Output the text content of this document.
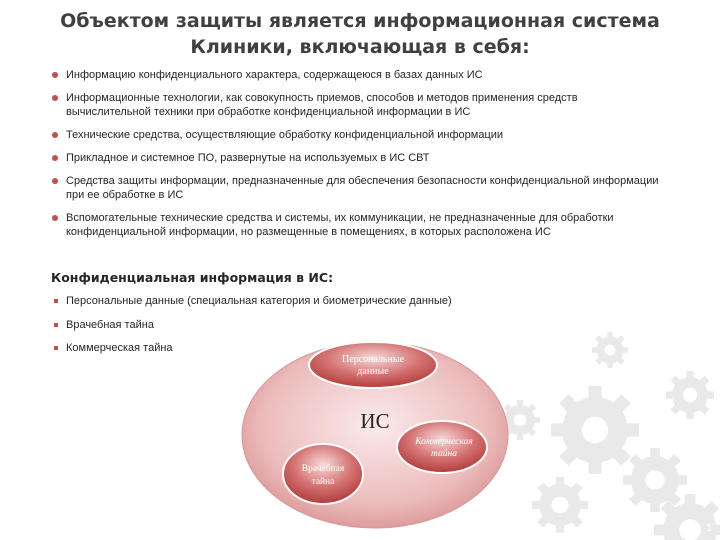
Объектом защиты является информационная система
Клиники, включающая в себя:
Информацию конфиденциального характера, содержащеюся в базах данных ИС
Информационные технологии, как совокупность приемов, способов и методов применения средств вычислительной техники при обработке конфиденциальной информации в ИС
Технические средства, осуществляющие обработку конфиденциальной информации
Прикладное и системное ПО, развернутые на используемых в ИС СВТ
Средства защиты информации, предназначенные для обеспечения безопасности конфиденциальной информации при ее обработке в ИС
Вспомогательные технические средства и системы, их коммуникации, не предназначенные для обработки конфиденциальной информации, но размещенные в помещениях, в которых расположена ИС
Конфиденциальная информация в ИС:
Персональные данные (специальная категория и биометрические данные)
Врачебная тайна
Коммерческая тайна
Персональные
данные
ИС
Коммерческая
тайна
Врачебная
тайна
1
